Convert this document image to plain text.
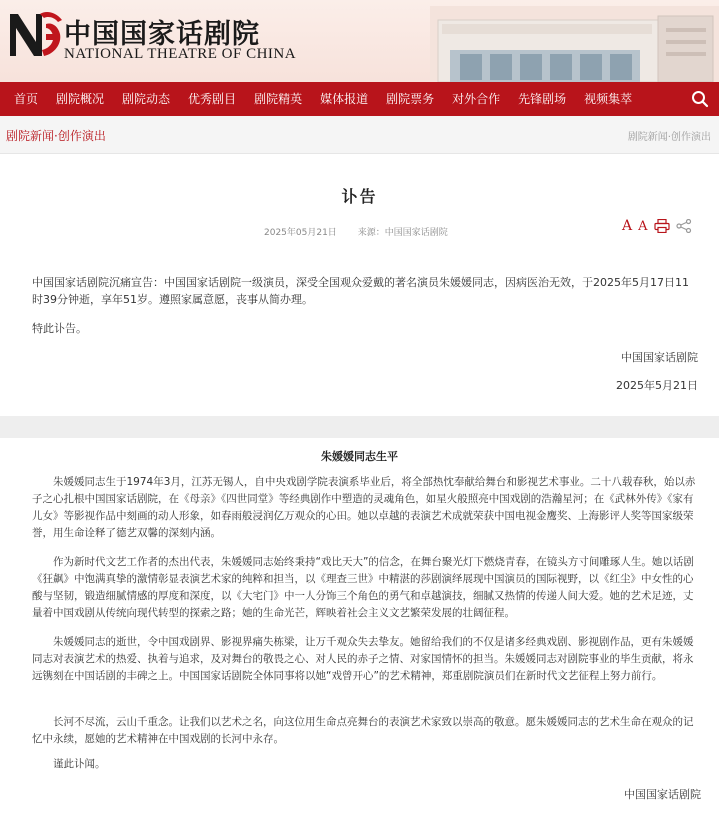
中国国家话剧院
NATIONAL THEATRE OF CHINA
首页	剧院概况	剧院动态	优秀剧目	剧院精英	媒体报道	剧院票务	对外合作	先锋剧场	视频集萃
剧院新闻·创作演出	剧院新闻·创作演出
讣告
2025年05月21日 来源：中国国家话剧院	A A
中国国家话剧院沉痛宣告：中国国家话剧院一级演员，深受全国观众爱戴的著名演员朱媛媛同志，因病医治无效，于2025年5月17日11时39分钟逝，享年51岁。遵照家属意愿，丧事从简办理。
特此讣告。
中国国家话剧院
2025年5月21日
朱媛媛同志生平
朱媛媛同志生于1974年3月，江苏无锡人，自中央戏剧学院表演系毕业后，将全部热忱奉献给舞台和影视艺术事业。二十八载春秋，始以赤子之心扎根中国国家话剧院，在《母亲》《四世同堂》等经典剧作中塑造的灵魂角色，如星火般照亮中国戏剧的浩瀚星河；在《武林外传》《家有儿女》等影视作品中刻画的动人形象，如春雨般浸润亿万观众的心田。她以卓越的表演艺术成就荣获中国电视金鹰奖、上海影评人奖等国家级荣誉，用生命诠释了德艺双馨的深刻内涵。
作为新时代文艺工作者的杰出代表，朱媛媛同志始终秉持“戏比天大”的信念，在舞台聚光灯下燃烧青春，在镜头方寸间雕琢人生。她以话剧《狂飙》中饱满真挚的激情彰显表演艺术家的纯粹和担当，以《理查三世》中精湛的莎剧演绎展现中国演员的国际视野，以《红尘》中女性的心酸与坚韧，锻造细腻情感的厚度和深度，以《大宅门》中一人分饰三个角色的勇气和卓越演技，细腻又热情的传递人间大爱。她的艺术足迹，丈量着中国戏剧从传统向现代转型的探索之路；她的生命光芒，辉映着社会主义文艺繁荣发展的壮阔征程。
朱媛媛同志的逝世，令中国戏剧界、影视界痛失栋梁，让万千观众失去挚友。她留给我们的不仅是诸多经典戏剧、影视剧作品，更有朱媛媛同志对表演艺术的热爱、执着与追求，及对舞台的敬畏之心、对人民的赤子之情、对家国情怀的担当。朱媛媛同志对剧院事业的毕生贡献，将永远镌刻在中国话剧的丰碑之上。中国国家话剧院全体同事将以她“戏曾开心”的艺术精神，郑重剧院演员们在新时代文艺征程上努力前行。
长河不尽流，云山千重念。让我们以艺术之名，向这位用生命点亮舞台的表演艺术家致以崇高的敬意。愿朱媛媛同志的艺术生命在观众的记忆中永续，愿她的艺术精神在中国戏剧的长河中永存。
谨此讣闻。
中国国家话剧院
